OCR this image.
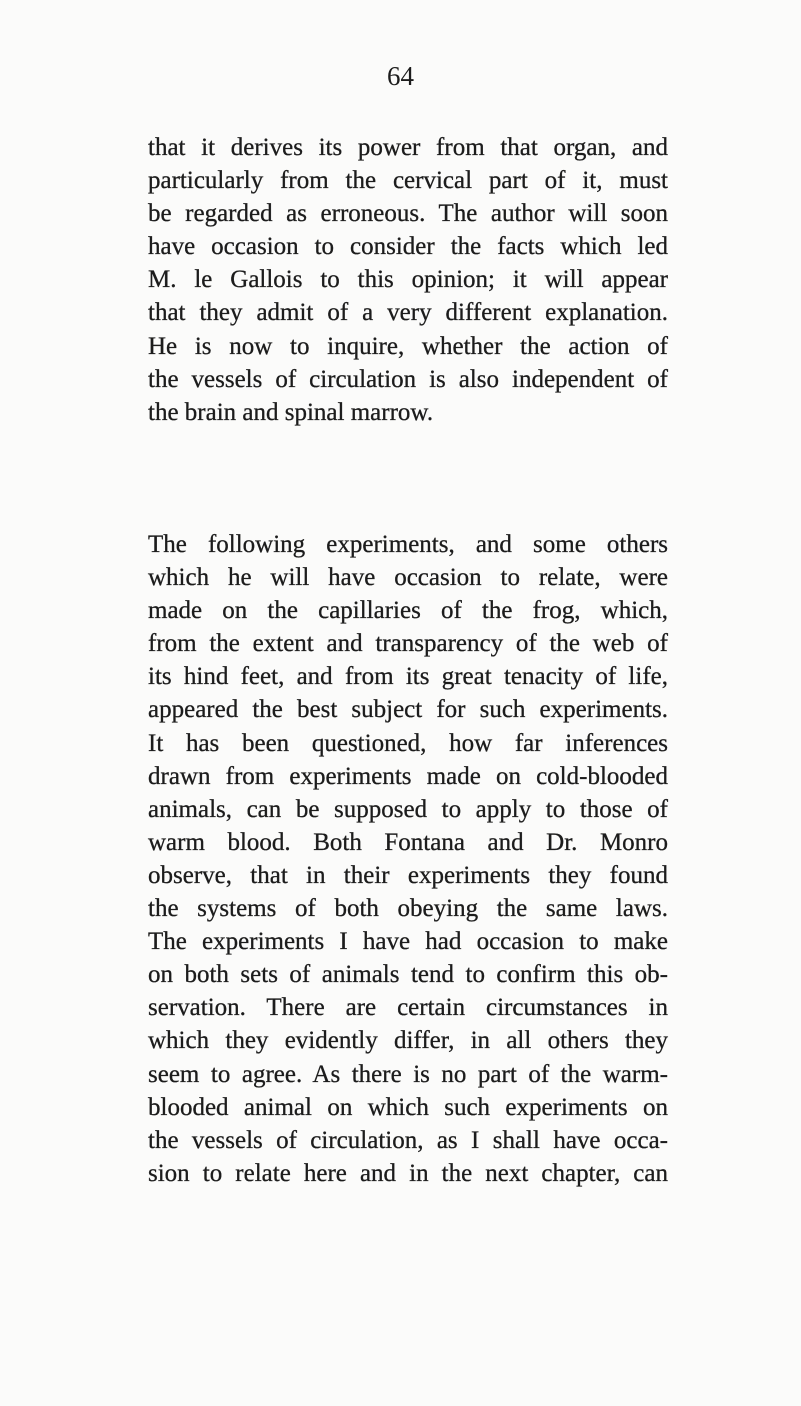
64
that it derives its power from that organ, and
particularly from the cervical part of it, must
be regarded as erroneous. The author will soon
have occasion to consider the facts which led
M. le Gallois to this opinion; it will appear
that they admit of a very different explanation.
He is now to inquire, whether the action of
the vessels of circulation is also independent of
the brain and spinal marrow.
The following experiments, and some others
which he will have occasion to relate, were
made on the capillaries of the frog, which,
from the extent and transparency of the web of
its hind feet, and from its great tenacity of life,
appeared the best subject for such experiments.
It has been questioned, how far inferences
drawn from experiments made on cold-blooded
animals, can be supposed to apply to those of
warm blood. Both Fontana and Dr. Monro
observe, that in their experiments they found
the systems of both obeying the same laws.
The experiments I have had occasion to make
on both sets of animals tend to confirm this ob-
servation. There are certain circumstances in
which they evidently differ, in all others they
seem to agree. As there is no part of the warm-
blooded animal on which such experiments on
the vessels of circulation, as I shall have occa-
sion to relate here and in the next chapter, can
